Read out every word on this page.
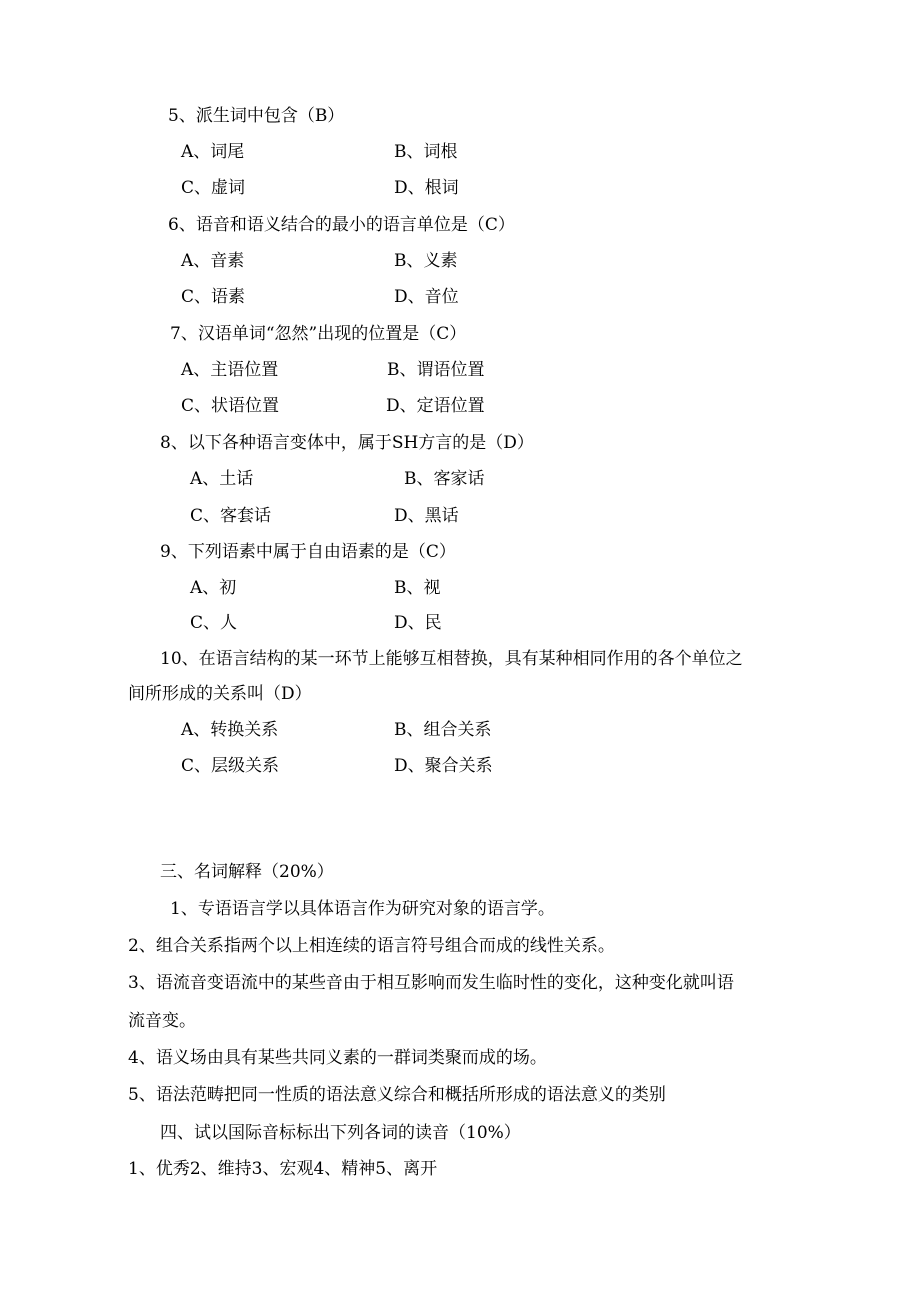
5、派生词中包含（B）
A、词尾	B、词根
C、虚词	D、根词
6、语音和语义结合的最小的语言单位是（C）
A、音素	B、义素
C、语素	D、音位
7、汉语单词“忽然”出现的位置是（C）
A、主语位置	B、谓语位置
C、状语位置	D、定语位置
8、以下各种语言变体中，属于SH方言的是（D）
A、土话	B、客家话
C、客套话	D、黑话
9、下列语素中属于自由语素的是（C）
A、初	B、视
C、人	D、民
10、在语言结构的某一环节上能够互相替换，具有某种相同作用的各个单位之
间所形成的关系叫（D）
A、转换关系	B、组合关系
C、层级关系	D、聚合关系
三、名词解释（20%）
1、专语语言学以具体语言作为研究对象的语言学。
2、组合关系指两个以上相连续的语言符号组合而成的线性关系。
3、语流音变语流中的某些音由于相互影响而发生临时性的变化，这种变化就叫语
流音变。
4、语义场由具有某些共同义素的一群词类聚而成的场。
5、语法范畴把同一性质的语法意义综合和概括所形成的语法意义的类别
四、试以国际音标标出下列各词的读音（10%）
1、优秀2、维持3、宏观4、精神5、离开
